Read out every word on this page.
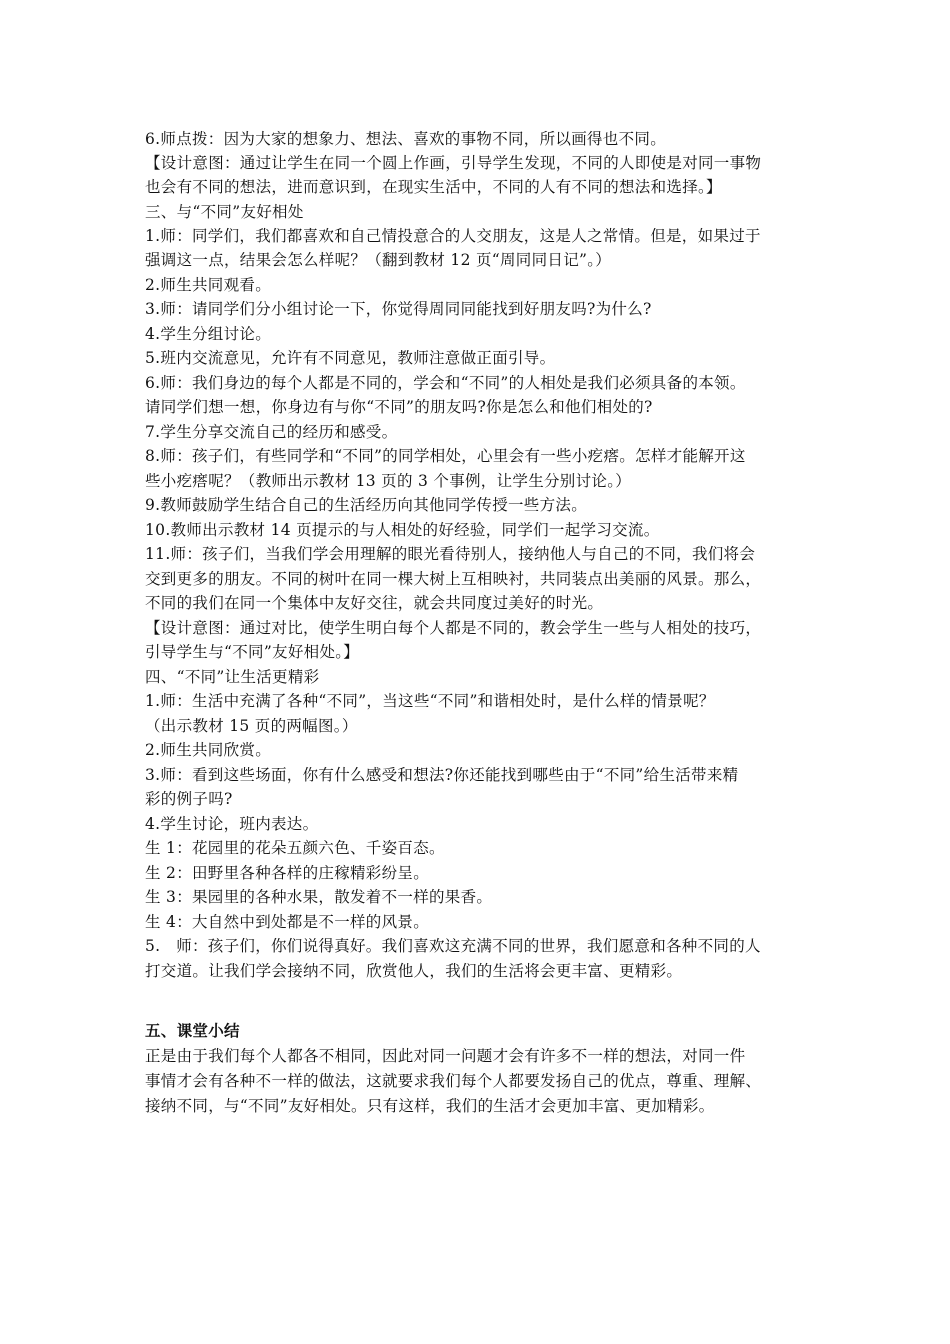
6.师点拨：因为大家的想象力、想法、喜欢的事物不同，所以画得也不同。
【设计意图：通过让学生在同一个圆上作画，引导学生发现，不同的人即使是对同一事物
也会有不同的想法，进而意识到，在现实生活中，不同的人有不同的想法和选择。】
三、与“不同”友好相处
1.师：同学们，我们都喜欢和自己情投意合的人交朋友，这是人之常情。但是，如果过于
强调这一点，结果会怎么样呢？（翻到教材 12 页“周同同日记”。）
2.师生共同观看。
3.师：请同学们分小组讨论一下，你觉得周同同能找到好朋友吗?为什么?
4.学生分组讨论。
5.班内交流意见，允许有不同意见，教师注意做正面引导。
6.师：我们身边的每个人都是不同的，学会和“不同”的人相处是我们必须具备的本领。
请同学们想一想，你身边有与你“不同”的朋友吗?你是怎么和他们相处的?
7.学生分享交流自己的经历和感受。
8.师：孩子们，有些同学和“不同”的同学相处，心里会有一些小疙瘩。怎样才能解开这
些小疙瘩呢？（教师出示教材 13 页的 3 个事例，让学生分别讨论。）
9.教师鼓励学生结合自己的生活经历向其他同学传授一些方法。
10.教师出示教材 14 页提示的与人相处的好经验，同学们一起学习交流。
11.师：孩子们，当我们学会用理解的眼光看待别人，接纳他人与自己的不同，我们将会
交到更多的朋友。不同的树叶在同一棵大树上互相映衬，共同装点出美丽的风景。那么，
不同的我们在同一个集体中友好交往，就会共同度过美好的时光。
【设计意图：通过对比，使学生明白每个人都是不同的，教会学生一些与人相处的技巧，
引导学生与“不同”友好相处。】
四、“不同”让生活更精彩
1.师：生活中充满了各种“不同”，当这些“不同”和谐相处时，是什么样的情景呢？
（出示教材 15 页的两幅图。）
2.师生共同欣赏。
3.师：看到这些场面，你有什么感受和想法?你还能找到哪些由于“不同”给生活带来精
彩的例子吗?
4.学生讨论，班内表达。
生 1：花园里的花朵五颜六色、千姿百态。
生 2：田野里各种各样的庄稼精彩纷呈。
生 3：果园里的各种水果，散发着不一样的果香。
生 4：大自然中到处都是不一样的风景。
5.　师：孩子们，你们说得真好。我们喜欢这充满不同的世界，我们愿意和各种不同的人
打交道。让我们学会接纳不同，欣赏他人，我们的生活将会更丰富、更精彩。
五、课堂小结
正是由于我们每个人都各不相同，因此对同一问题才会有许多不一样的想法，对同一件
事情才会有各种不一样的做法，这就要求我们每个人都要发扬自己的优点，尊重、理解、
接纳不同，与“不同”友好相处。只有这样，我们的生活才会更加丰富、更加精彩。
